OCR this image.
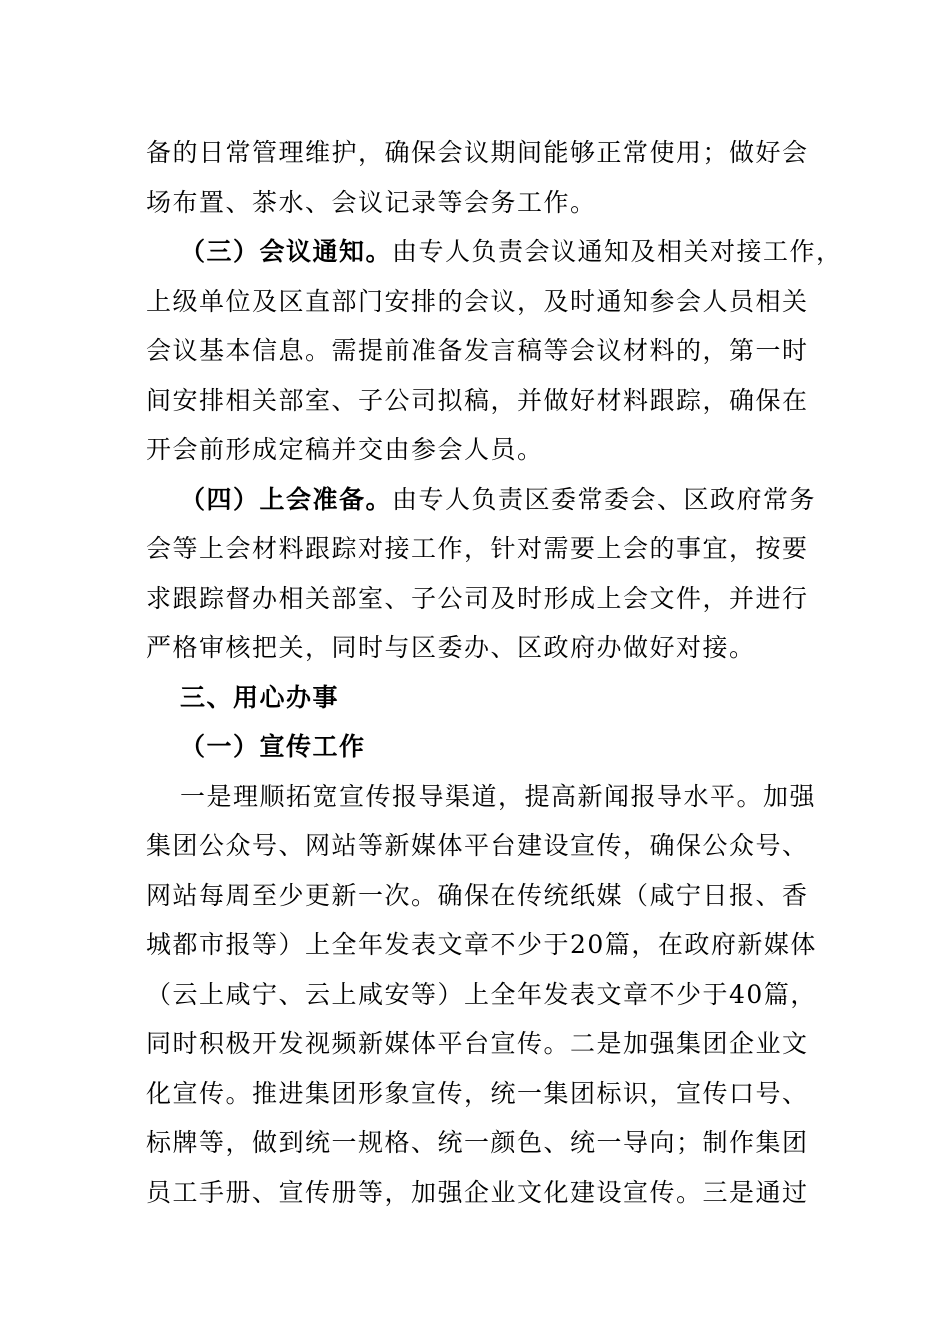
备的日常管理维护，确保会议期间能够正常使用；做好会
场布置、茶水、会议记录等会务工作。
（三）会议通知。由专人负责会议通知及相关对接工作，
上级单位及区直部门安排的会议，及时通知参会人员相关
会议基本信息。需提前准备发言稿等会议材料的，第一时
间安排相关部室、子公司拟稿，并做好材料跟踪，确保在
开会前形成定稿并交由参会人员。
（四）上会准备。由专人负责区委常委会、区政府常务
会等上会材料跟踪对接工作，针对需要上会的事宜，按要
求跟踪督办相关部室、子公司及时形成上会文件，并进行
严格审核把关，同时与区委办、区政府办做好对接。
三、用心办事
（一）宣传工作
一是理顺拓宽宣传报导渠道，提高新闻报导水平。加强
集团公众号、网站等新媒体平台建设宣传，确保公众号、
网站每周至少更新一次。确保在传统纸媒（咸宁日报、香
城都市报等）上全年发表文章不少于20篇，在政府新媒体
（云上咸宁、云上咸安等）上全年发表文章不少于40篇，
同时积极开发视频新媒体平台宣传。二是加强集团企业文
化宣传。推进集团形象宣传，统一集团标识，宣传口号、
标牌等，做到统一规格、统一颜色、统一导向；制作集团
员工手册、宣传册等，加强企业文化建设宣传。三是通过
